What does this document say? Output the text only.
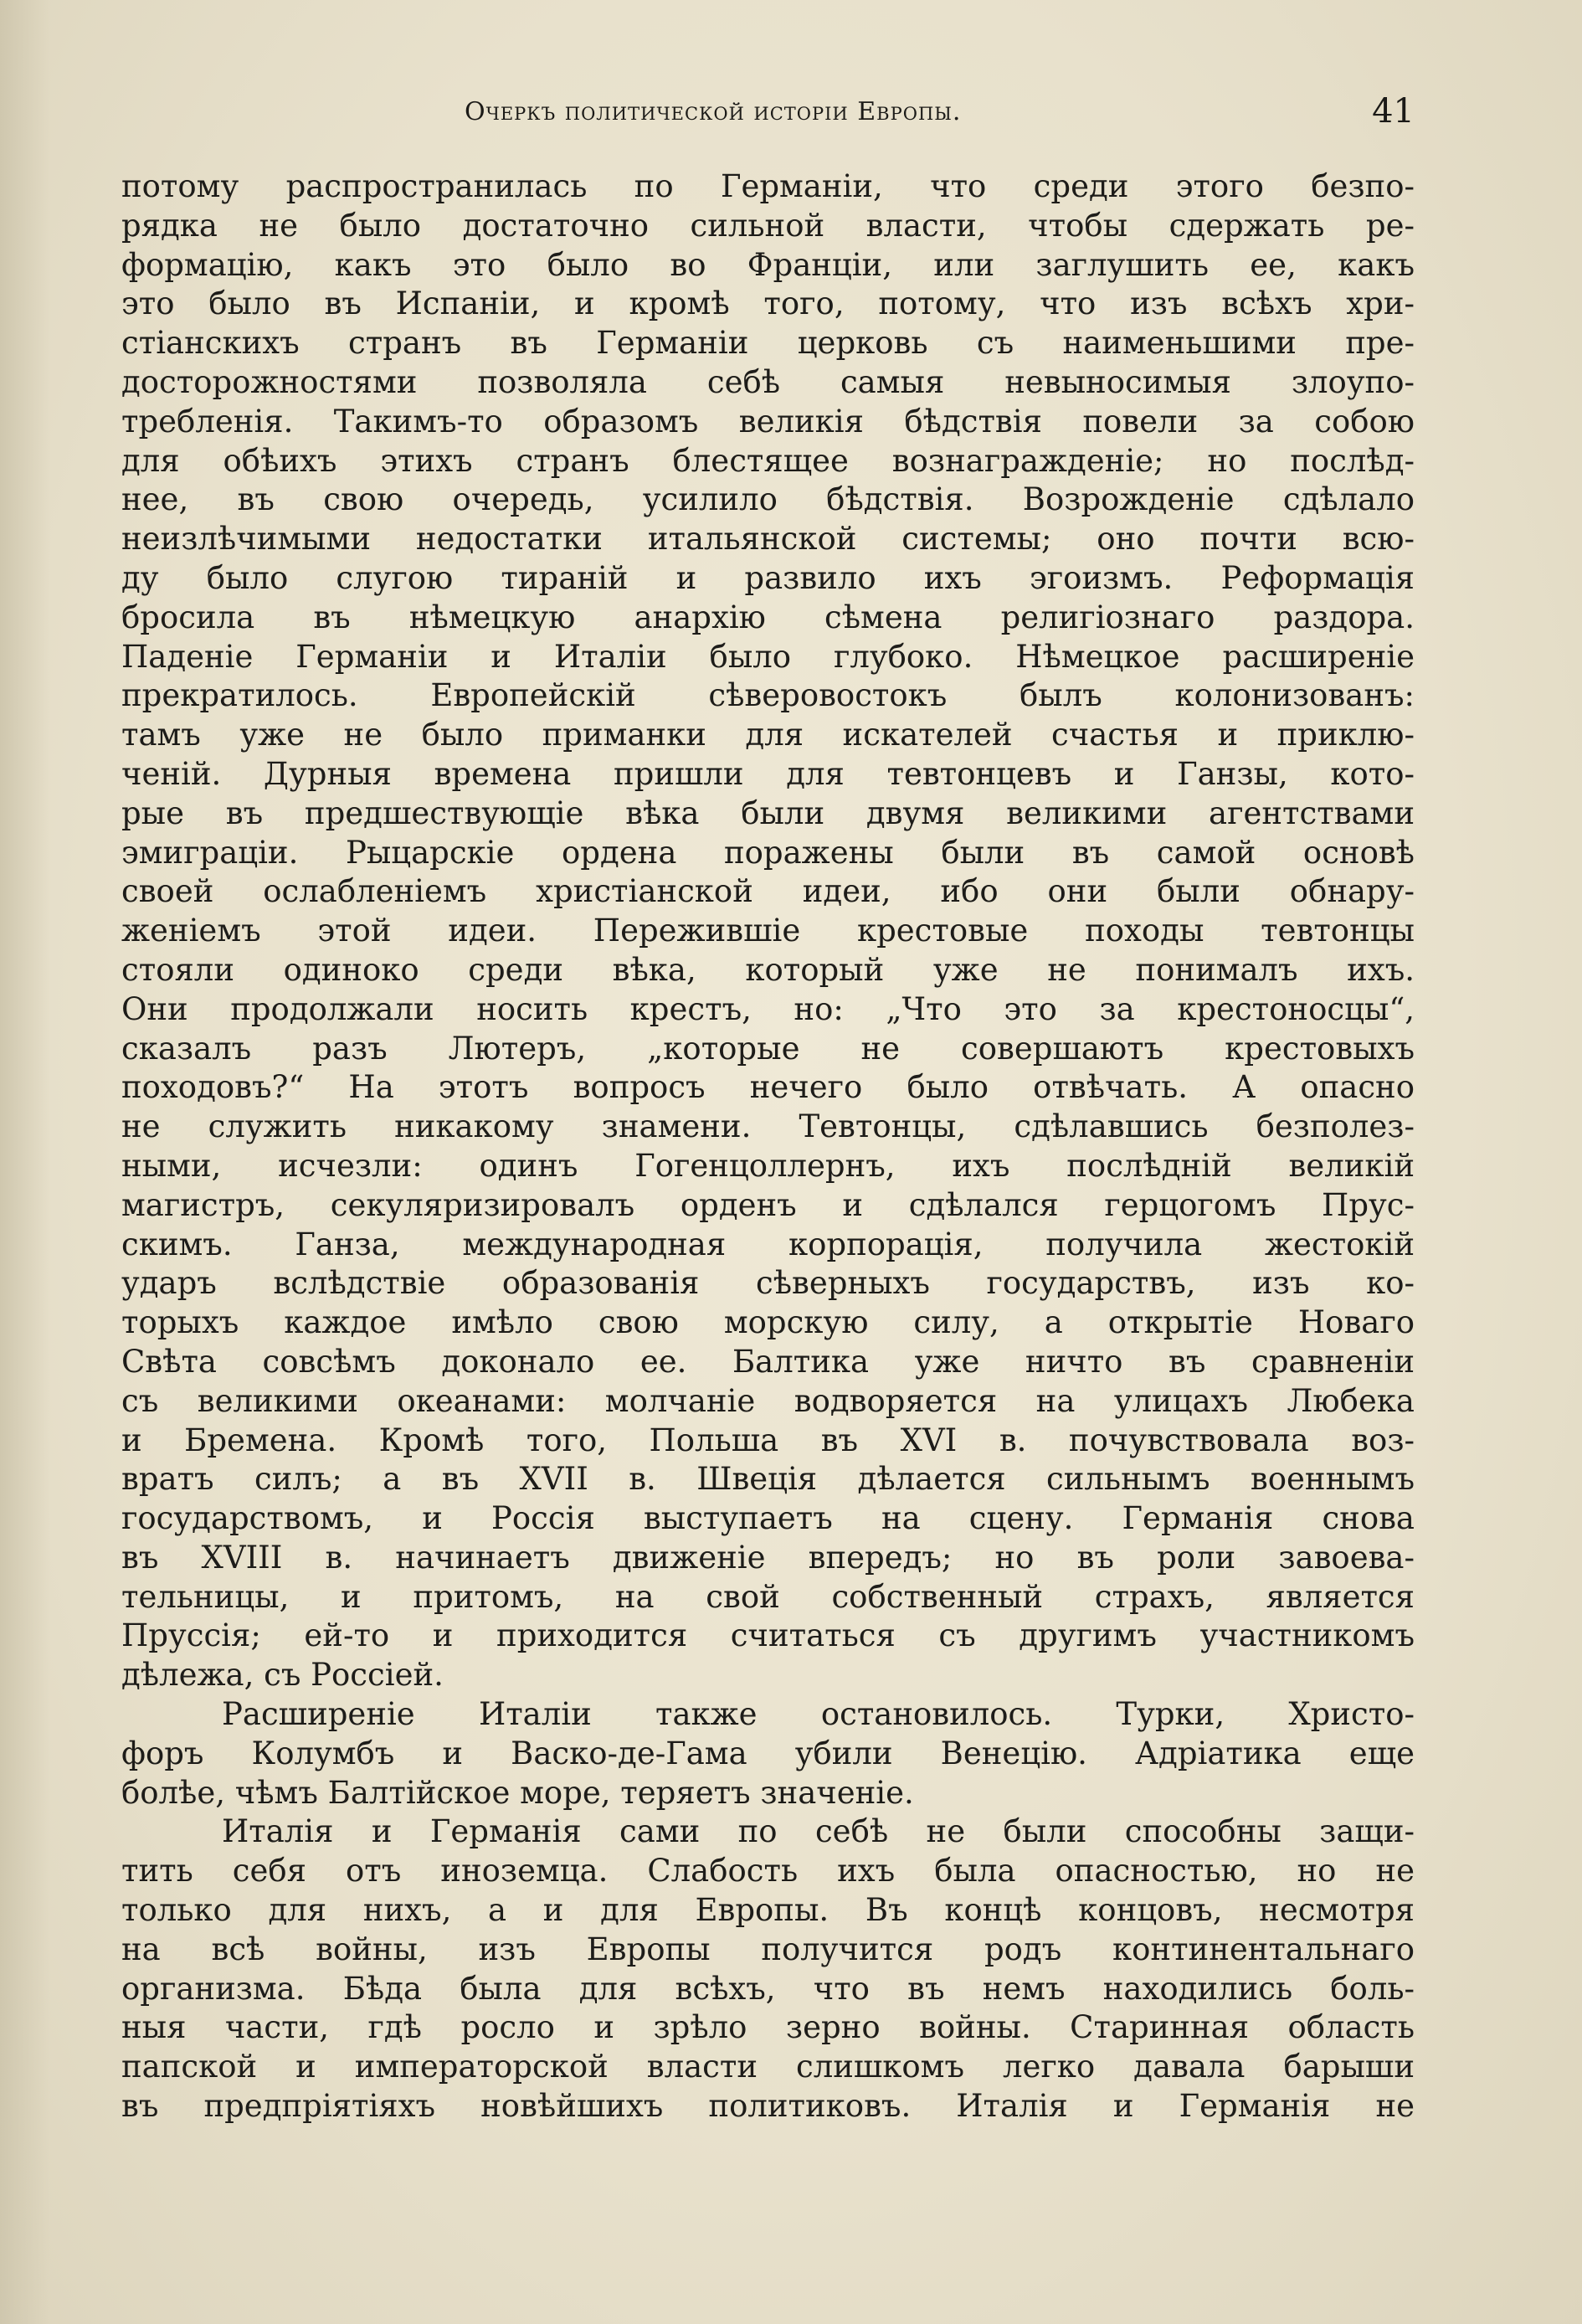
Очеркъ политической исторіи Европы.	41
потому распространилась по Германіи, что среди этого безпо-
рядка не было достаточно сильной власти, чтобы сдержать ре-
формацію, какъ это было во Франціи, или заглушить ее, какъ
это было въ Испаніи, и кромѣ того, потому, что изъ всѣхъ хри-
стіанскихъ странъ въ Германіи церковь съ наименьшими пре-
досторожностями позволяла себѣ самыя невыносимыя злоупо-
требленія. Такимъ-то образомъ великія бѣдствія повели за собою
для обѣихъ этихъ странъ блестящее вознагражденіе; но послѣд-
нее, въ свою очередь, усилило бѣдствія. Возрожденіе сдѣлало
неизлѣчимыми недостатки итальянской системы; оно почти всю-
ду было слугою тираній и развило ихъ эгоизмъ. Реформація
бросила въ нѣмецкую анархію сѣмена религіознаго раздора.
Паденіе Германіи и Италіи было глубоко. Нѣмецкое расширеніе
прекратилось. Европейскій сѣверовостокъ былъ колонизованъ:
тамъ уже не было приманки для искателей счастья и приклю-
ченій. Дурныя времена пришли для тевтонцевъ и Ганзы, кото-
рые въ предшествующіе вѣка были двумя великими агентствами
эмиграціи. Рыцарскіе ордена поражены были въ самой основѣ
своей ослабленіемъ христіанской идеи, ибо они были обнару-
женіемъ этой идеи. Пережившіе крестовые походы тевтонцы
стояли одиноко среди вѣка, который уже не понималъ ихъ.
Они продолжали носить крестъ, но: „Что это за крестоносцы“,
сказалъ разъ Лютеръ, „которые не совершаютъ крестовыхъ
походовъ?“ На этотъ вопросъ нечего было отвѣчать. А опасно
не служить никакому знамени. Тевтонцы, сдѣлавшись безполез-
ными, исчезли: одинъ Гогенцоллернъ, ихъ послѣдній великій
магистръ, секуляризировалъ орденъ и сдѣлался герцогомъ Прус-
скимъ. Ганза, международная корпорація, получила жестокій
ударъ вслѣдствіе образованія сѣверныхъ государствъ, изъ ко-
торыхъ каждое имѣло свою морскую силу, а открытіе Новаго
Свѣта совсѣмъ доконало ее. Балтика уже ничто въ сравненіи
съ великими океанами: молчаніе водворяется на улицахъ Любека
и Бремена. Кромѣ того, Польша въ XVI в. почувствовала воз-
вратъ силъ; а въ XVII в. Швеція дѣлается сильнымъ военнымъ
государствомъ, и Россія выступаетъ на сцену. Германія снова
въ XVIII в. начинаетъ движеніе впередъ; но въ роли завоева-
тельницы, и притомъ, на свой собственный страхъ, является
Пруссія; ей-то и приходится считаться съ другимъ участникомъ
дѣлежа, съ Россіей.
Расширеніе Италіи также остановилось. Турки, Христо-
форъ Колумбъ и Васко-де-Гама убили Венецію. Адріатика еще
болѣе, чѣмъ Балтійское море, теряетъ значеніе.
Италія и Германія сами по себѣ не были способны защи-
тить себя отъ иноземца. Слабость ихъ была опасностью, но не
только для нихъ, а и для Европы. Въ концѣ концовъ, несмотря
на всѣ войны, изъ Европы получится родъ континентальнаго
организма. Бѣда была для всѣхъ, что въ немъ находились боль-
ныя части, гдѣ росло и зрѣло зерно войны. Старинная область
папской и императорской власти слишкомъ легко давала барыши
въ предпріятіяхъ новѣйшихъ политиковъ. Италія и Германія не
